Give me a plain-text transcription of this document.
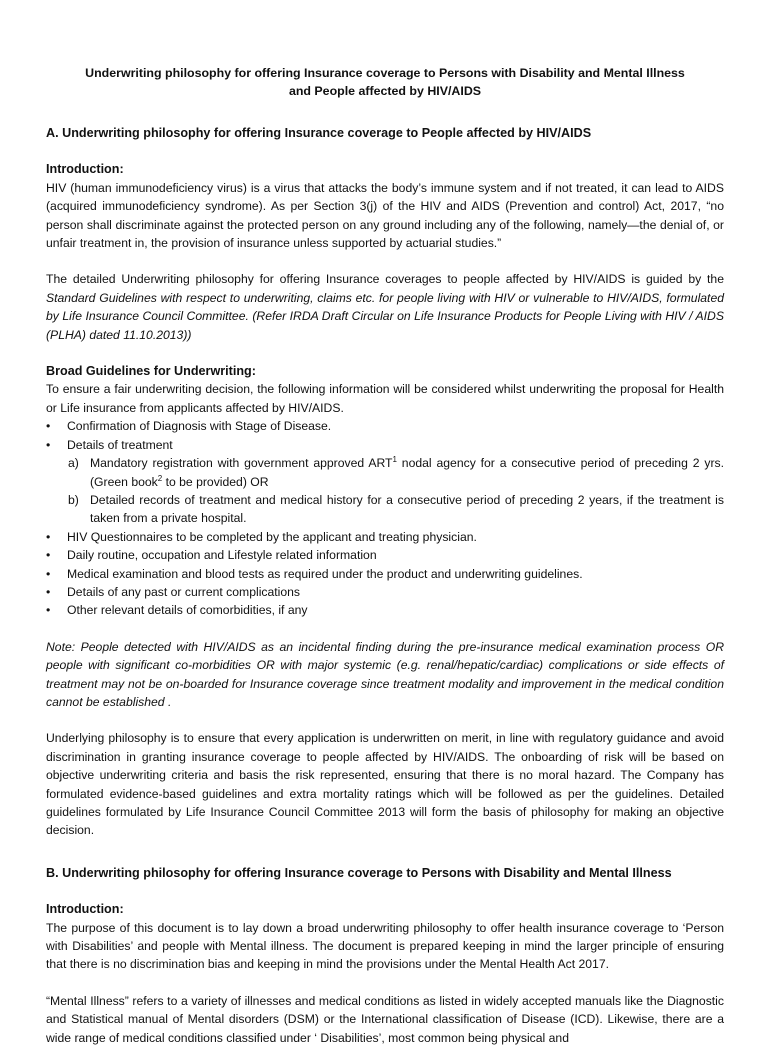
Underwriting philosophy for offering Insurance coverage to Persons with Disability and Mental Illness
and People affected by HIV/AIDS
A. Underwriting philosophy for offering Insurance coverage to People affected by HIV/AIDS
Introduction:

HIV (human immunodeficiency virus) is a virus that attacks the body’s immune system and if not treated, it can lead to AIDS (acquired immunodeficiency syndrome). As per Section 3(j) of the HIV and AIDS (Prevention and control) Act, 2017, “no person shall discriminate against the protected person on any ground including any of the following, namely—the denial of, or unfair treatment in, the provision of insurance unless supported by actuarial studies.”

The detailed Underwriting philosophy for offering Insurance coverages to people affected by HIV/AIDS is guided by the Standard Guidelines with respect to underwriting, claims etc. for people living with HIV or vulnerable to HIV/AIDS, formulated by Life Insurance Council Committee. (Refer IRDA Draft Circular on Life Insurance Products for People Living with HIV / AIDS (PLHA) dated 11.10.2013))

Broad Guidelines for Underwriting:

To ensure a fair underwriting decision, the following information will be considered whilst underwriting the proposal for Health or Life insurance from applicants affected by HIV/AIDS.

• Confirmation of Diagnosis with Stage of Disease.
• Details of treatment
a) Mandatory registration with government approved ART$^1$ nodal agency for a consecutive period of preceding 2 yrs. (Green book$^2$ to be provided) OR
b) Detailed records of treatment and medical history for a consecutive period of preceding 2 years, if the treatment is taken from a private hospital.
• HIV Questionnaires to be completed by the applicant and treating physician.
• Daily routine, occupation and Lifestyle related information
• Medical examination and blood tests as required under the product and underwriting guidelines.
• Details of any past or current complications
• Other relevant details of comorbidities, if any

Note: People detected with HIV/AIDS as an incidental finding during the pre-insurance medical examination process OR people with significant co-morbidities OR with major systemic (e.g. renal/hepatic/cardiac) complications or side effects of treatment may not be on-boarded for Insurance coverage since treatment modality and improvement in the medical condition cannot be established .

Underlying philosophy is to ensure that every application is underwritten on merit, in line with regulatory guidance and avoid discrimination in granting insurance coverage to people affected by HIV/AIDS. The onboarding of risk will be based on objective underwriting criteria and basis the risk represented, ensuring that there is no moral hazard. The Company has formulated evidence-based guidelines and extra mortality ratings which will be followed as per the guidelines. Detailed guidelines formulated by Life Insurance Council Committee 2013 will form the basis of philosophy for making an objective decision.

B. Underwriting philosophy for offering Insurance coverage to Persons with Disability and Mental Illness
Introduction:

The purpose of this document is to lay down a broad underwriting philosophy to offer health insurance coverage to ‘Person with Disabilities’ and people with Mental illness. The document is prepared keeping in mind the larger principle of ensuring that there is no discrimination bias and keeping in mind the provisions under the Mental Health Act 2017.

“Mental Illness” refers to a variety of illnesses and medical conditions as listed in widely accepted manuals like the Diagnostic and Statistical manual of Mental disorders (DSM) or the International classification of Disease (ICD). Likewise, there are a wide range of medical conditions classified under ‘ Disabilities’, most common being physical and
